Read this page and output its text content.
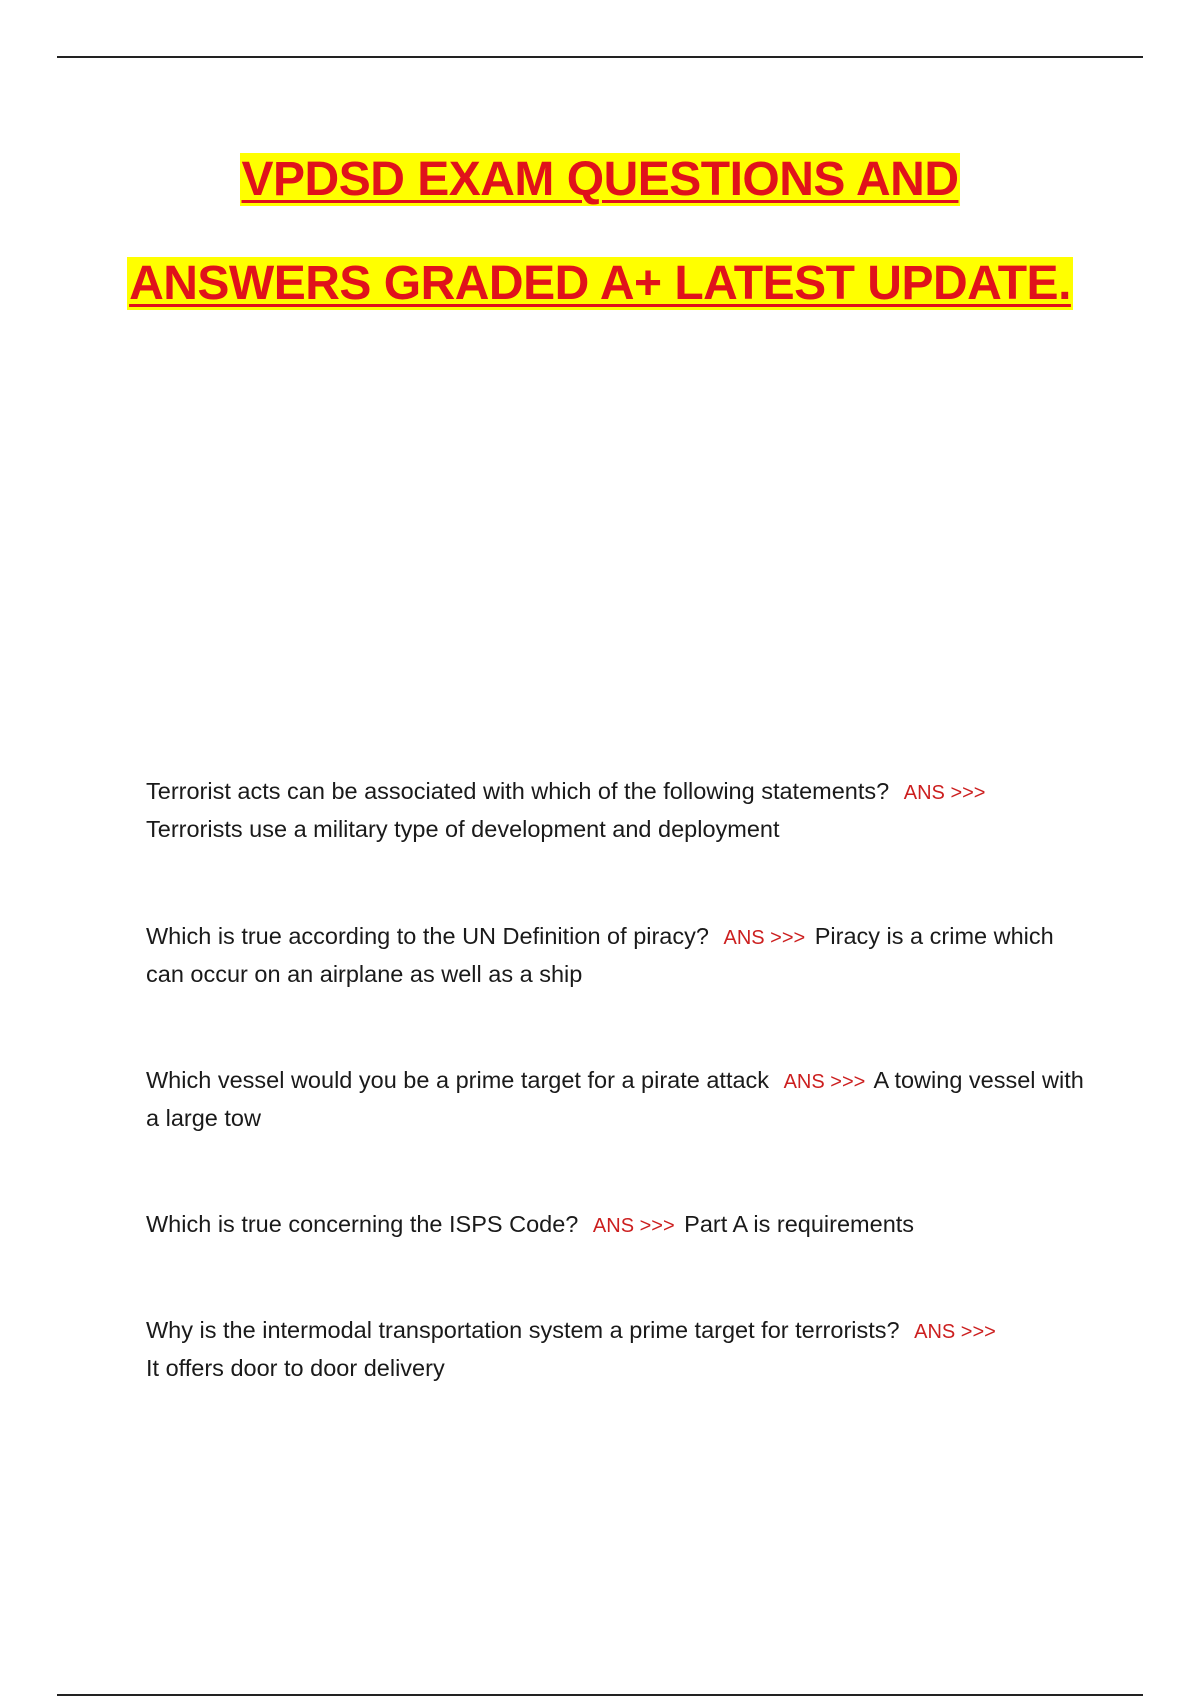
VPDSD EXAM QUESTIONS AND
ANSWERS GRADED A+ LATEST UPDATE.
Terrorist acts can be associated with which of the following statements? ANS >>>
Terrorists use a military type of development and deployment
Which is true according to the UN Definition of piracy? ANS >>> Piracy is a crime which can occur on an airplane as well as a ship
Which vessel would you be a prime target for a pirate attack ANS >>> A towing vessel with a large tow
Which is true concerning the ISPS Code? ANS >>> Part A is requirements
Why is the intermodal transportation system a prime target for terrorists? ANS >>>
It offers door to door delivery
